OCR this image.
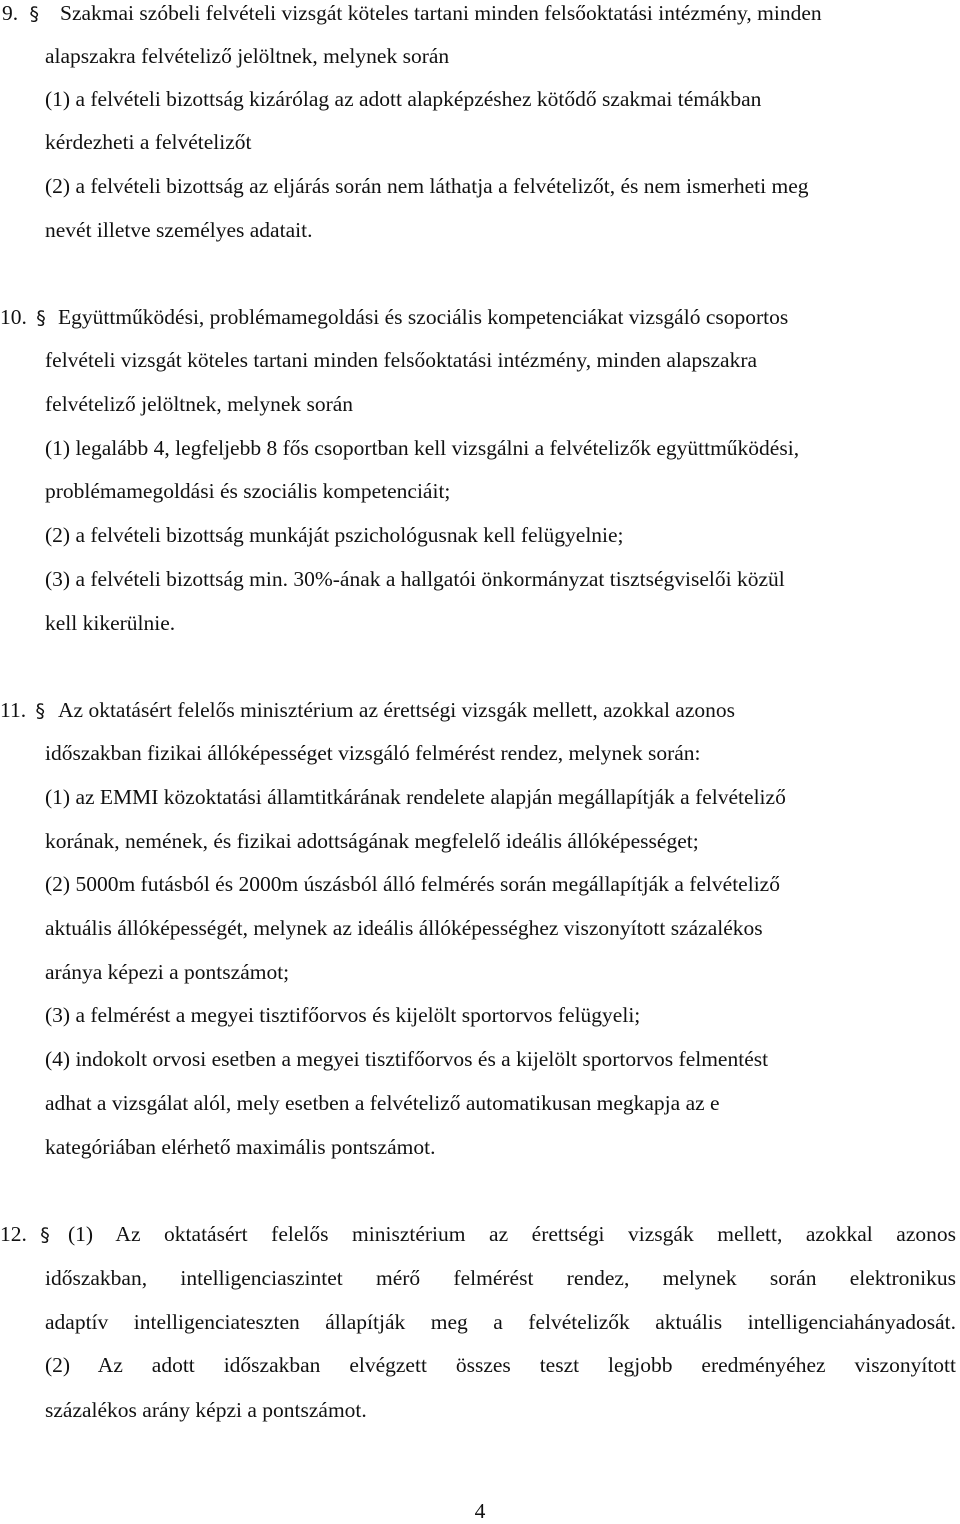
9. § Szakmai szóbeli felvételi vizsgát köteles tartani minden felsőoktatási intézmény, minden
alapszakra felvételiző jelöltnek, melynek során
(1) a felvételi bizottság kizárólag az adott alapképzéshez kötődő szakmai témákban
kérdezheti a felvételizőt
(2) a felvételi bizottság az eljárás során nem láthatja a felvételizőt, és nem ismerheti meg
nevét illetve személyes adatait.
10. § Együttműködési, problémamegoldási és szociális kompetenciákat vizsgáló csoportos
felvételi vizsgát köteles tartani minden felsőoktatási intézmény, minden alapszakra
felvételiző jelöltnek, melynek során
(1) legalább 4, legfeljebb 8 fős csoportban kell vizsgálni a felvételizők együttműködési,
problémamegoldási és szociális kompetenciáit;
(2) a felvételi bizottság munkáját pszichológusnak kell felügyelnie;
(3) a felvételi bizottság min. 30%-ának a hallgatói önkormányzat tisztségviselői közül
kell kikerülnie.
11. § Az oktatásért felelős minisztérium az érettségi vizsgák mellett, azokkal azonos
időszakban fizikai állóképességet vizsgáló felmérést rendez, melynek során:
(1) az EMMI közoktatási államtitkárának rendelete alapján megállapítják a felvételiző
korának, nemének, és fizikai adottságának megfelelő ideális állóképességet;
(2) 5000m futásból és 2000m úszásból álló felmérés során megállapítják a felvételiző
aktuális állóképességét, melynek az ideális állóképességhez viszonyított százalékos
aránya képezi a pontszámot;
(3) a felmérést a megyei tisztifőorvos és kijelölt sportorvos felügyeli;
(4) indokolt orvosi esetben a megyei tisztifőorvos és a kijelölt sportorvos felmentést
adhat a vizsgálat alól, mely esetben a felvételiző automatikusan megkapja az e
kategóriában elérhető maximális pontszámot.
12. § (1) Az oktatásért felelős minisztérium az érettségi vizsgák mellett, azokkal azonos
időszakban, intelligenciaszintet mérő felmérést rendez, melynek során elektronikus
adaptív intelligenciateszten állapítják meg a felvételizők aktuális intelligenciahányadosát.
(2) Az adott időszakban elvégzett összes teszt legjobb eredményéhez viszonyított
százalékos arány képzi a pontszámot.
4
